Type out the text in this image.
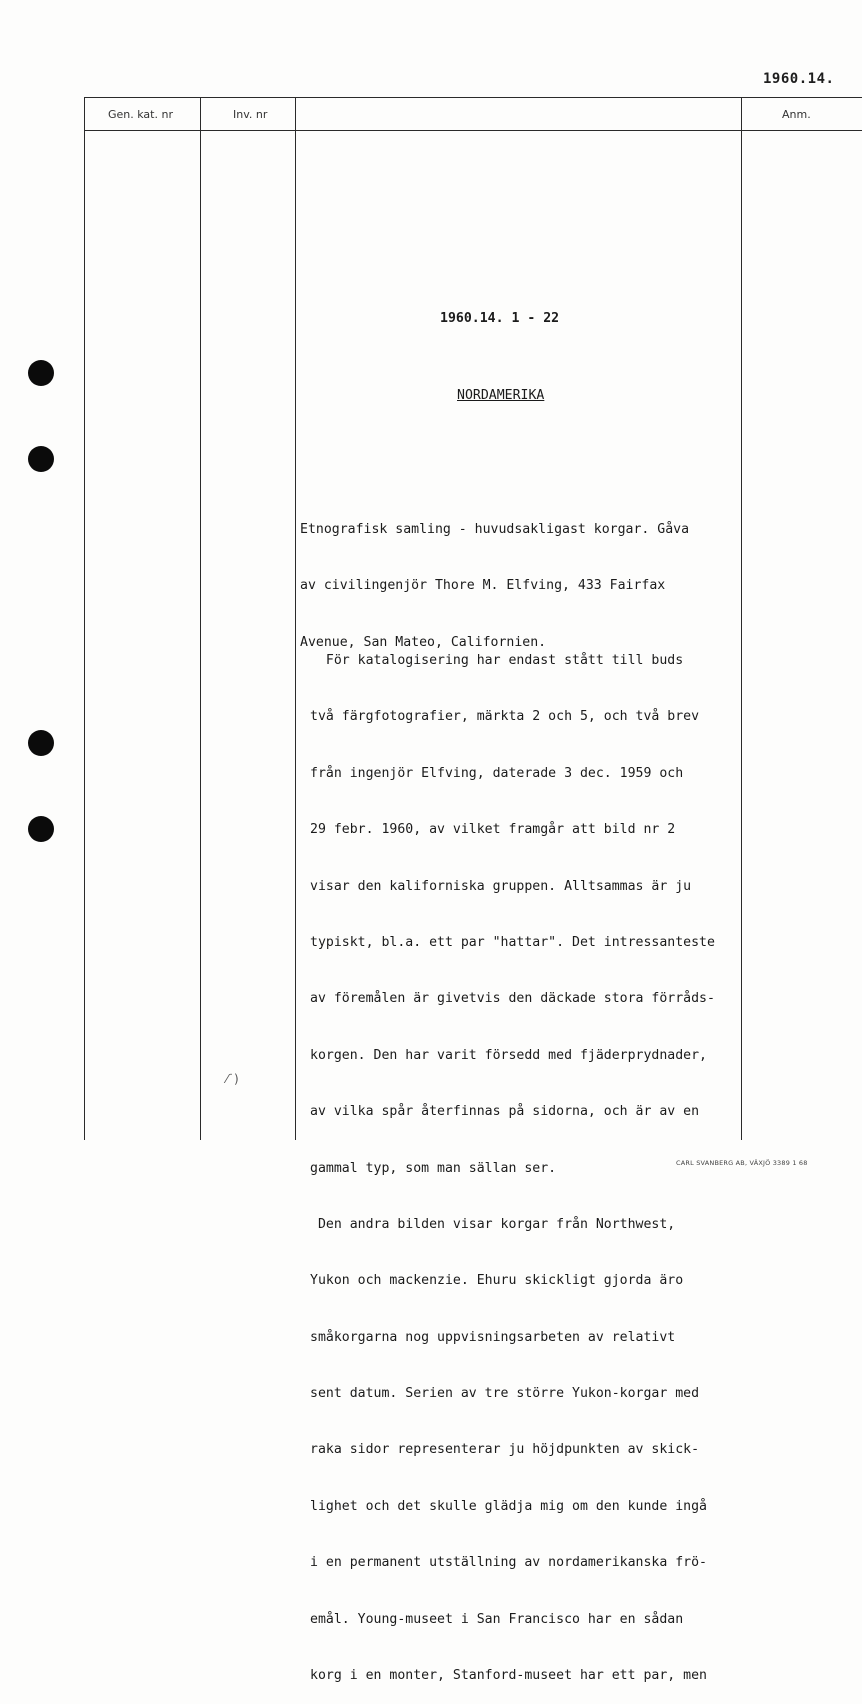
1960.14.
Gen. kat. nr	Inv. nr	Anm.
1960.14. 1 - 22
NORDAMERIKA

Etnografisk samling - huvudsakligast korgar. Gåva

av civilingenjör Thore M. Elfving, 433 Fairfax

Avenue, San Mateo, Californien.

För katalogisering har endast stått till buds

två färgfotografier, märkta 2 och 5, och två brev

från ingenjör Elfving, daterade 3 dec. 1959 och

29 febr. 1960, av vilket framgår att bild nr 2

visar den kaliforniska gruppen. Alltsammas är ju

typiskt, bl.a. ett par "hattar". Det intressanteste

av föremålen är givetvis den däckade stora förråds-

korgen. Den har varit försedd med fjäderprydnader,

av vilka spår återfinnas på sidorna, och är av en

gammal typ, som man sällan ser.

Den andra bilden visar korgar från Northwest,

Yukon och mackenzie. Ehuru skickligt gjorda äro

småkorgarna nog uppvisningsarbeten av relativt

sent datum. Serien av tre större Yukon-korgar med

raka sidor representerar ju höjdpunkten av skick-

lighet och det skulle glädja mig om den kunde ingå

i en permanent utställning av nordamerikanska frö-

emål. Young-museet i San Francisco har en sådan

korg i en monter, Stanford-museet har ett par, men

⁄˙)
CARL SVANBERG AB, VÄXJÖ 3389 1 68
